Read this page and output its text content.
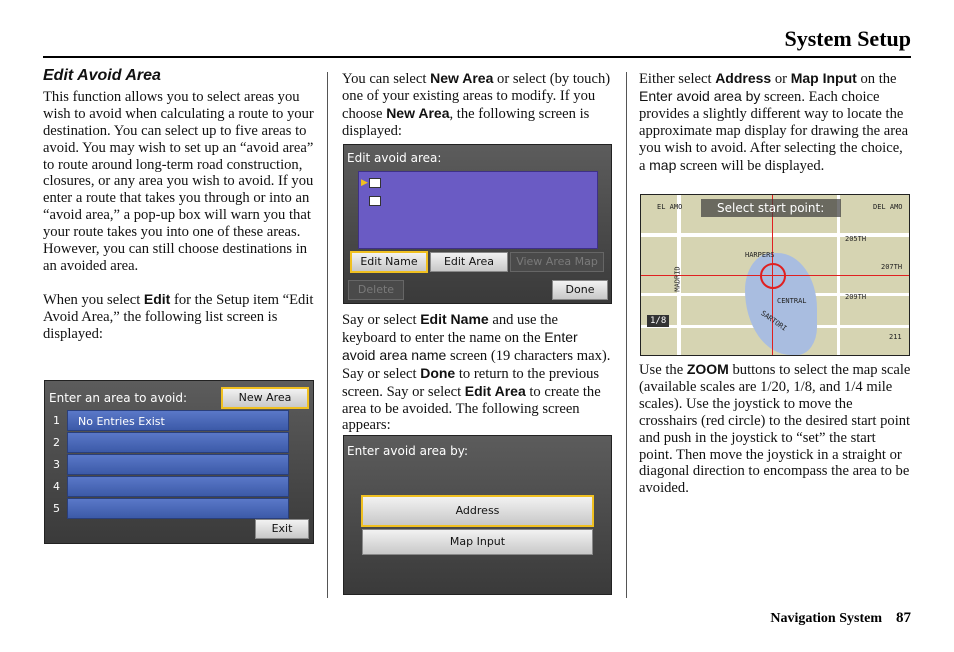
System Setup
Edit Avoid Area

This function allows you to select areas you wish to avoid when calculating a route to your destination. You can select up to five areas to avoid. You may wish to set up an “avoid area” to route around long-term road construction, closures, or any area you wish to avoid. If you enter a route that takes you through or into an “avoid area,” a pop-up box will warn you that your route takes you into one of these areas. However, you can still choose destinations in an avoided area.

When you select Edit for the Setup item “Edit Avoid Area,” the following list screen is displayed:

Enter an area to avoid:	New Area
1
2
3
4
5
No Entries Exist
Exit

You can select New Area or select (by touch) one of your existing areas to modify. If you choose New Area, the following screen is displayed:

Edit avoid area:
▶
Edit Name	Edit Area	View Area Map
Delete	Done

Say or select Edit Name and use the keyboard to enter the name on the Enter avoid area name screen (19 characters max). Say or select Done to return to the previous screen. Say or select Edit Area to create the area to be avoided. The following screen appears:

Enter avoid area by:
Address
Map Input

Either select Address or Map Input on the Enter avoid area by screen. Each choice provides a slightly different way to locate the approximate map display for drawing the area you wish to avoid. After selecting the choice, a map screen will be displayed.

Select start point:
EL AMO	DEL AMO
205TH
HARPERS
207TH
MADRID
CENTRAL	209TH
SARTORI
211
1/8

Use the ZOOM buttons to select the map scale (available scales are 1/20, 1/8, and 1/4 mile scales). Use the joystick to move the crosshairs (red circle) to the desired start point and push in the joystick to “set” the start point. Then move the joystick in a straight or diagonal direction to encompass the area to be avoided.

Navigation System 87
